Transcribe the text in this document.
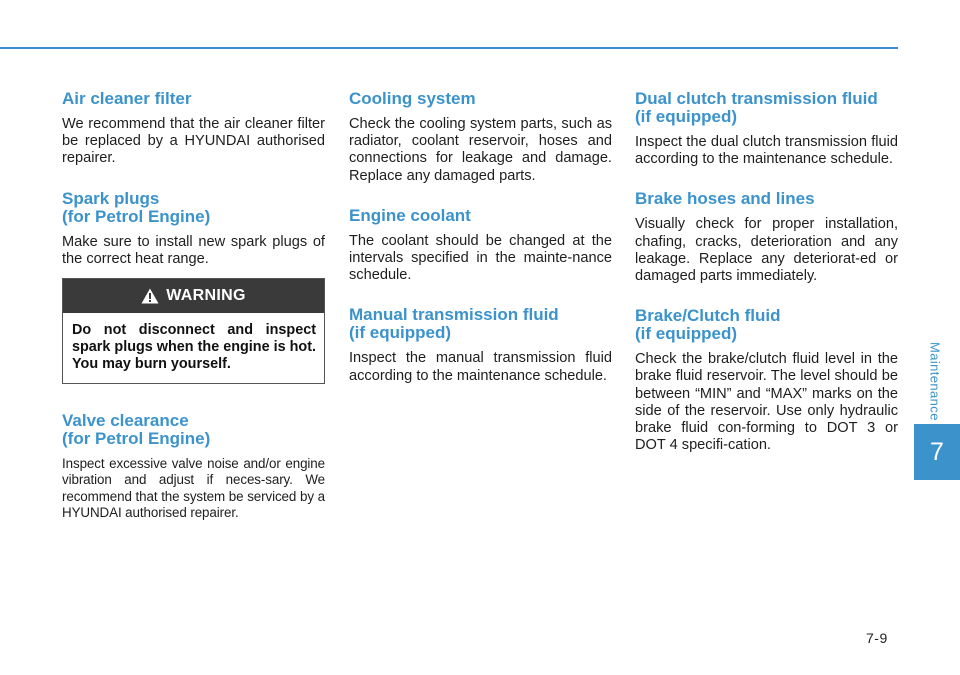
Air cleaner filter

We recommend that the air cleaner filter be replaced by a HYUNDAI authorised repairer.

Spark plugs
(for Petrol Engine)

Make sure to install new spark plugs of the correct heat range.

WARNING
Do not disconnect and inspect spark plugs when the engine is hot. You may burn yourself.
Valve clearance
(for Petrol Engine)

Inspect excessive valve noise and/or engine vibration and adjust if neces-sary. We recommend that the system be serviced by a HYUNDAI authorised repairer.

Cooling system

Check the cooling system parts, such as radiator, coolant reservoir, hoses and connections for leakage and damage. Replace any damaged parts.

Engine coolant

The coolant should be changed at the intervals specified in the mainte-nance schedule.

Manual transmission fluid
(if equipped)

Inspect the manual transmission fluid according to the maintenance schedule.

Dual clutch transmission fluid
(if equipped)

Inspect the dual clutch transmission fluid according to the maintenance schedule.

Brake hoses and lines

Visually check for proper installation, chafing, cracks, deterioration and any leakage. Replace any deteriorat-ed or damaged parts immediately.

Brake/Clutch fluid
(if equipped)

Check the brake/clutch fluid level in the brake fluid reservoir. The level should be between “MIN” and “MAX” marks on the side of the reservoir. Use only hydraulic brake fluid con-forming to DOT 3 or DOT 4 specifi-cation.

Maintenance
7
7-9
